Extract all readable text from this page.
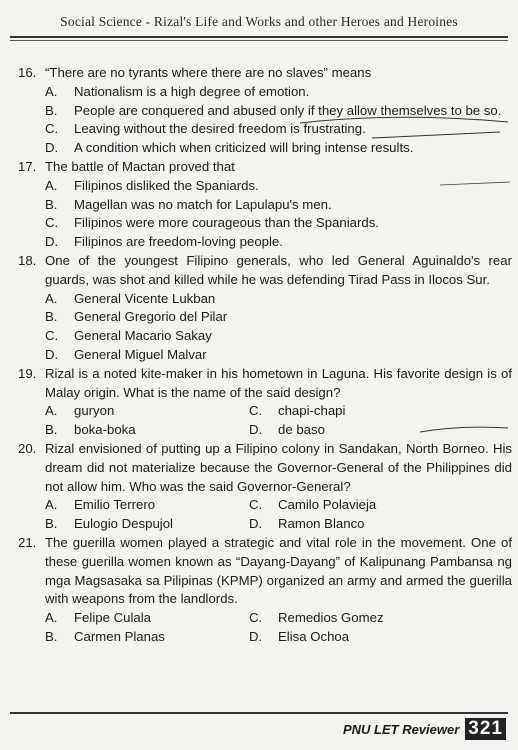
Social Science - Rizal's Life and Works and other Heroes and Heroines
16. “There are no tyrants where there are no slaves” means
A.	Nationalism is a high degree of emotion.
B.	People are conquered and abused only if they allow themselves to be so.
C.	Leaving without the desired freedom is frustrating.
D.	A condition which when criticized will bring intense results.
17. The battle of Mactan proved that
A.	Filipinos disliked the Spaniards.
B.	Magellan was no match for Lapulapu's men.
C.	Filipinos were more courageous than the Spaniards.
D.	Filipinos are freedom-loving people.
18. One of the youngest Filipino generals, who led General Aguinaldo's rear guards, was shot and killed while he was defending Tirad Pass in Ilocos Sur.
A.	General Vicente Lukban
B.	General Gregorio del Pilar
C.	General Macario Sakay
D.	General Miguel Malvar
19. Rizal is a noted kite-maker in his hometown in Laguna. His favorite design is of Malay origin. What is the name of the said design?
A.	guryon	C.	chapi-chapi
B.	boka-boka	D.	de baso
20. Rizal envisioned of putting up a Filipino colony in Sandakan, North Borneo. His dream did not materialize because the Governor-General of the Philippines did not allow him. Who was the said Governor-General?
A.	Emilio Terrero	C.	Camilo Polavieja
B.	Eulogio Despujol	D.	Ramon Blanco
21. The guerilla women played a strategic and vital role in the movement. One of these guerilla women known as “Dayang-Dayang” of Kalipunang Pambansa ng mga Magsasaka sa Pilipinas (KPMP) organized an army and armed the guerilla with weapons from the landlords.
A.	Felipe Culala	C.	Remedios Gomez
B.	Carmen Planas	D.	Elisa Ochoa
PNU LET Reviewer 321
